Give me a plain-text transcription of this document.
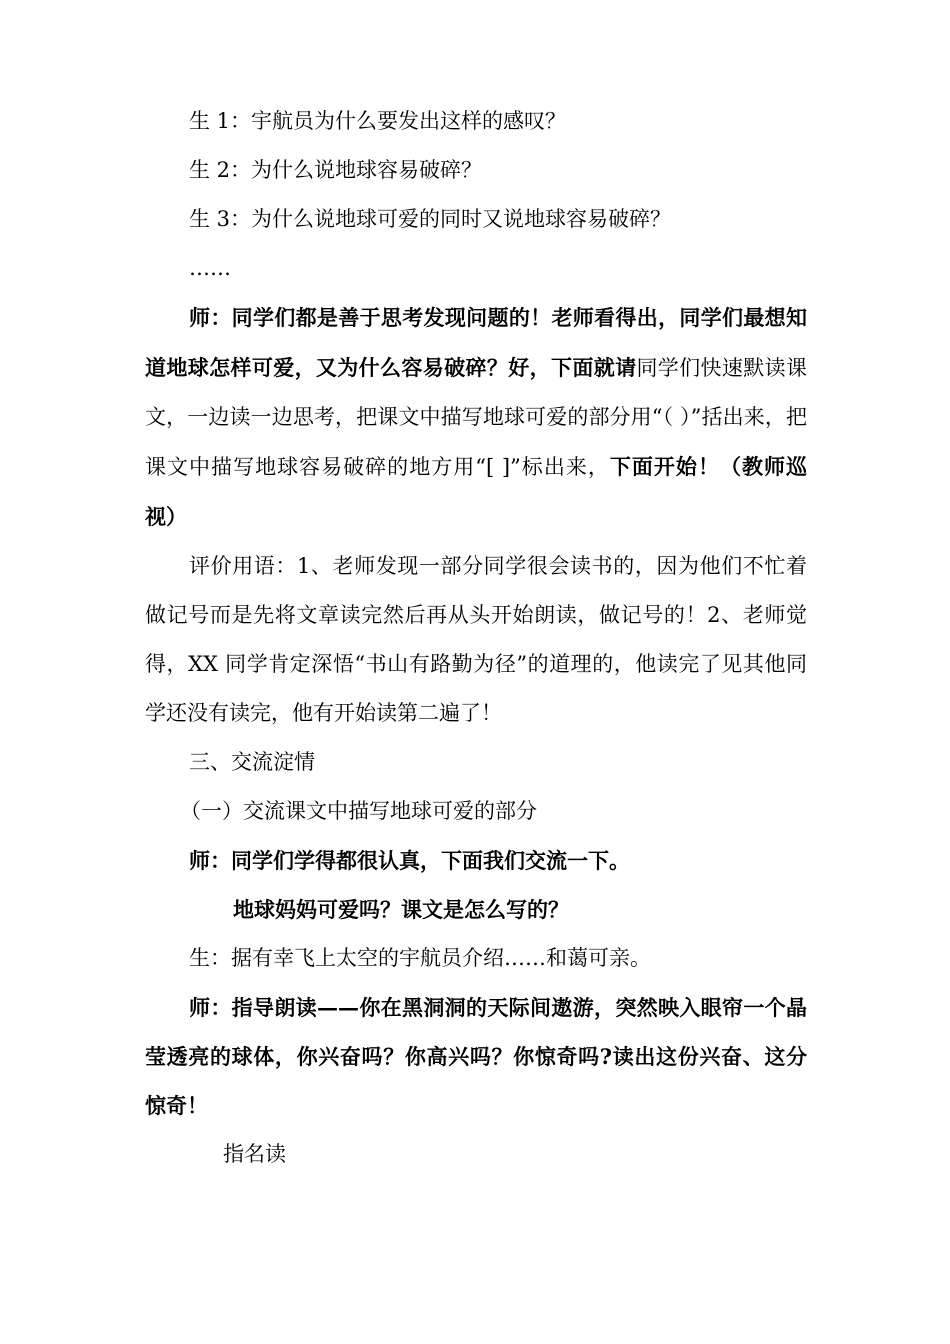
生 1：宇航员为什么要发出这样的感叹？

生 2：为什么说地球容易破碎？

生 3：为什么说地球可爱的同时又说地球容易破碎？

……

师：同学们都是善于思考发现问题的！老师看得出，同学们最想知道地球怎样可爱，又为什么容易破碎？好，下面就请同学们快速默读课文，一边读一边思考，把课文中描写地球可爱的部分用“（ ）”括出来，把课文中描写地球容易破碎的地方用“[ ]”标出来，下面开始！（教师巡视）

评价用语：1、老师发现一部分同学很会读书的，因为他们不忙着做记号而是先将文章读完然后再从头开始朗读，做记号的！2、老师觉得，XX 同学肯定深悟“书山有路勤为径”的道理的，他读完了见其他同学还没有读完，他有开始读第二遍了！

三、交流淀情

（一）交流课文中描写地球可爱的部分

师：同学们学得都很认真，下面我们交流一下。

地球妈妈可爱吗？课文是怎么写的？

生：据有幸飞上太空的宇航员介绍……和蔼可亲。

师：指导朗读——你在黑洞洞的天际间遨游，突然映入眼帘一个晶莹透亮的球体，你兴奋吗？你高兴吗？你惊奇吗?读出这份兴奋、这分惊奇！

指名读
